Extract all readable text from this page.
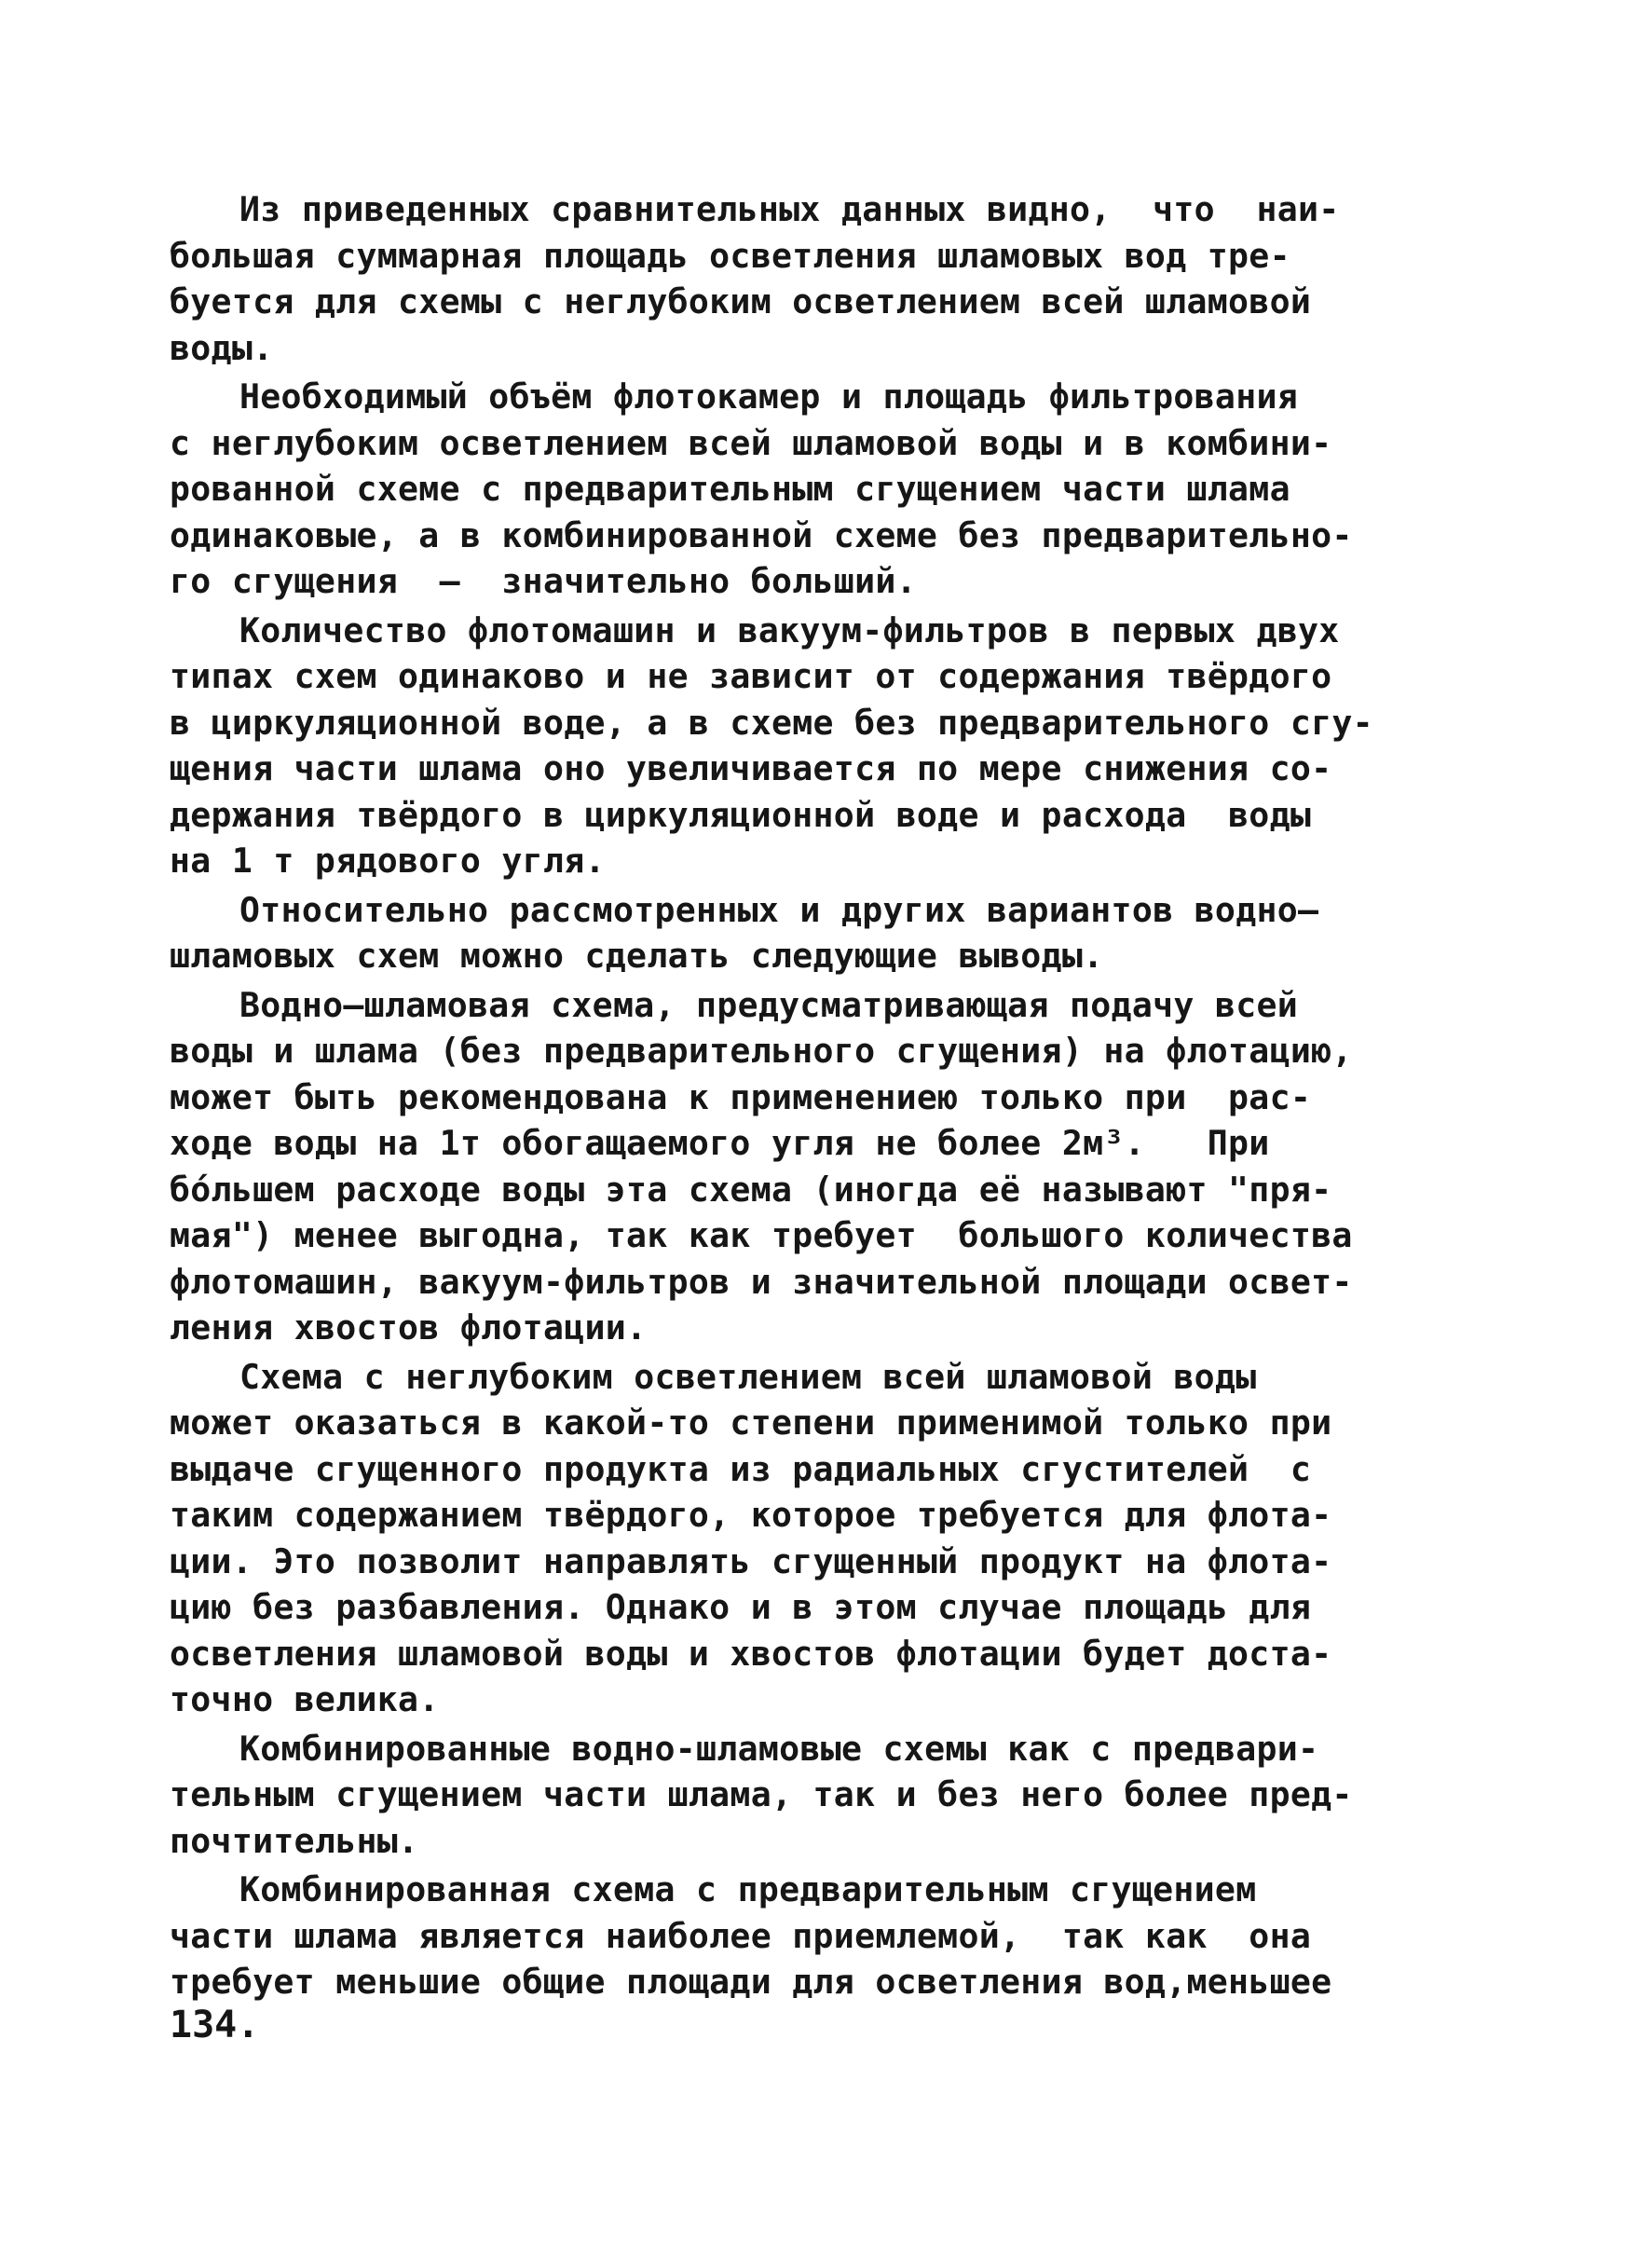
Из приведенных сравнительных данных видно,  что  наи-
большая суммарная площадь осветления шламовых вод тре-
буется для схемы с неглубоким осветлением всей шламовой
воды.
Необходимый объём флотокамер и площадь фильтрования
с неглубоким осветлением всей шламовой воды и в комбини-
рованной схеме с предварительным сгущением части шлама
одинаковые, а в комбинированной схеме без предварительно-
го сгущения  –  значительно больший.
Количество флотомашин и вакуум-фильтров в первых двух
типах схем одинаково и не зависит от содержания твёрдого
в циркуляционной воде, а в схеме без предварительного сгу-
щения части шлама оно увеличивается по мере снижения со-
держания твёрдого в циркуляционной воде и расхода  воды
на 1 т рядового угля.
Относительно рассмотренных и других вариантов водно–
шламовых схем можно сделать следующие выводы.
Водно–шламовая схема, предусматривающая подачу всей
воды и шлама (без предварительного сгущения) на флотацию,
может быть рекомендована к применениею только при  рас-
ходе воды на 1т обогащаемого угля не более 2м³.   При
бо́льшем расходе воды эта схема (иногда её называют "пря-
мая") менее выгодна, так как требует  большого количества
флотомашин, вакуум-фильтров и значительной площади освет-
ления хвостов флотации.
Схема с неглубоким осветлением всей шламовой воды
может оказаться в какой-то степени применимой только при
выдаче сгущенного продукта из радиальных сгустителей  с
таким содержанием твёрдого, которое требуется для флота-
ции. Это позволит направлять сгущенный продукт на флота-
цию без разбавления. Однако и в этом случае площадь для
осветления шламовой воды и хвостов флотации будет доста-
точно велика.
Комбинированные водно-шламовые схемы как с предвари-
тельным сгущением части шлама, так и без него более пред-
почтительны.
Комбинированная схема с предварительным сгущением
части шлама является наиболее приемлемой,  так как  она
требует меньшие общие площади для осветления вод,меньшее
134.
